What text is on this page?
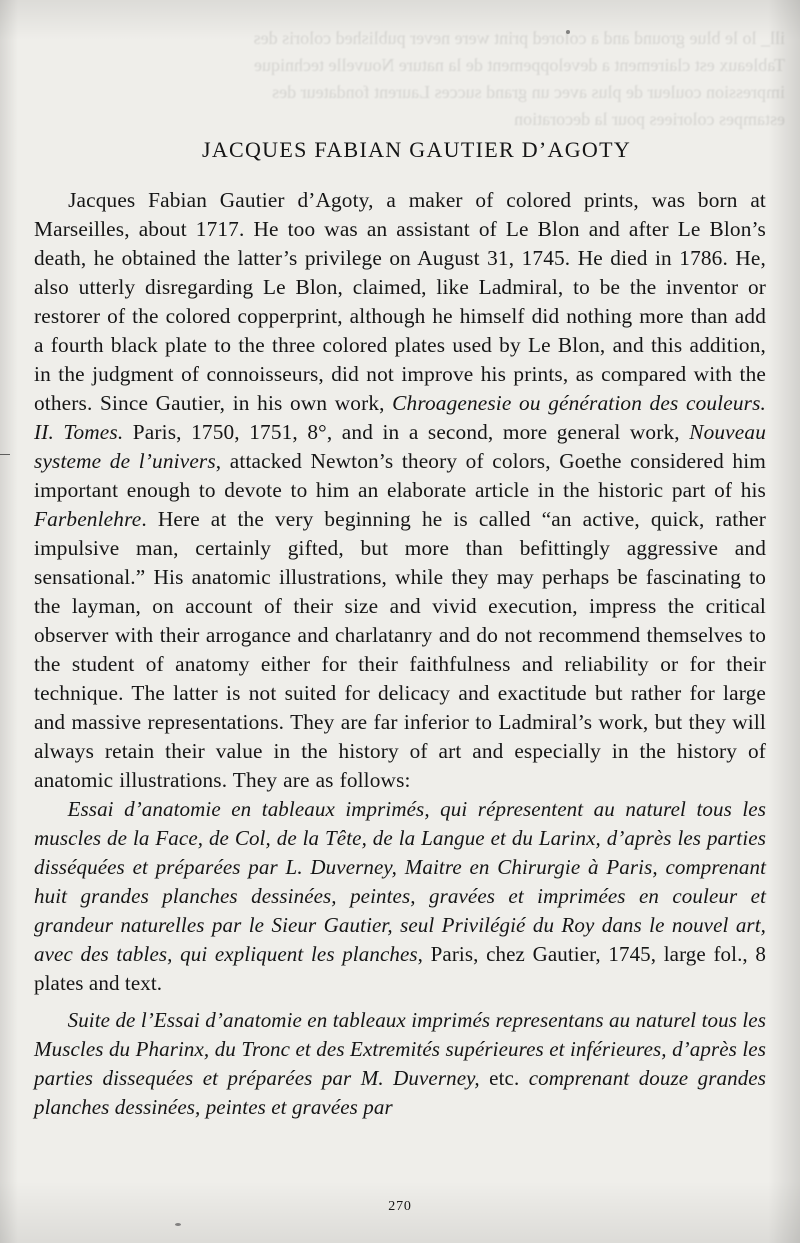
ill_ lo le blue ground and a colored print were never published coloris des Tableaux est clairement a developpement de la nature Nouvelle technique impression couleur de plus avec un grand succes Laurent fondateur des estampes coloriees pour la decoration
JACQUES FABIAN GAUTIER D’AGOTY

Jacques Fabian Gautier d’Agoty, a maker of colored prints, was born at Marseilles, about 1717. He too was an assistant of Le Blon and after Le Blon’s death, he obtained the latter’s privilege on August 31, 1745. He died in 1786. He, also utterly disregarding Le Blon, claimed, like Ladmiral, to be the inventor or restorer of the colored copperprint, although he himself did nothing more than add a fourth black plate to the three colored plates used by Le Blon, and this addition, in the judgment of connoisseurs, did not improve his prints, as compared with the others. Since Gautier, in his own work, Chroagenesie ou génération des couleurs. II. Tomes. Paris, 1750, 1751, 8°, and in a second, more general work, Nouveau systeme de l’univers, attacked Newton’s theory of colors, Goethe considered him important enough to devote to him an elaborate article in the historic part of his Farbenlehre. Here at the very beginning he is called “an active, quick, rather impulsive man, certainly gifted, but more than befittingly aggressive and sensational.” His anatomic illustrations, while they may perhaps be fascinating to the layman, on account of their size and vivid execution, impress the critical observer with their arrogance and charlatanry and do not recommend themselves to the student of anatomy either for their faithfulness and reliability or for their technique. The latter is not suited for delicacy and exactitude but rather for large and massive representations. They are far inferior to Ladmiral’s work, but they will always retain their value in the history of art and especially in the history of anatomic illustrations. They are as follows:

Essai d’anatomie en tableaux imprimés, qui répresentent au naturel tous les muscles de la Face, de Col, de la Tête, de la Langue et du Larinx, d’après les parties disséquées et préparées par L. Duverney, Maitre en Chirurgie à Paris, comprenant huit grandes planches dessinées, peintes, gravées et imprimées en couleur et grandeur naturelles par le Sieur Gautier, seul Privilégié du Roy dans le nouvel art, avec des tables, qui expliquent les planches, Paris, chez Gautier, 1745, large fol., 8 plates and text.

Suite de l’Essai d’anatomie en tableaux imprimés representans au naturel tous les Muscles du Pharinx, du Tronc et des Extremités supérieures et inférieures, d’après les parties dissequées et préparées par M. Duverney, etc. comprenant douze grandes planches dessinées, peintes et gravées par

270
